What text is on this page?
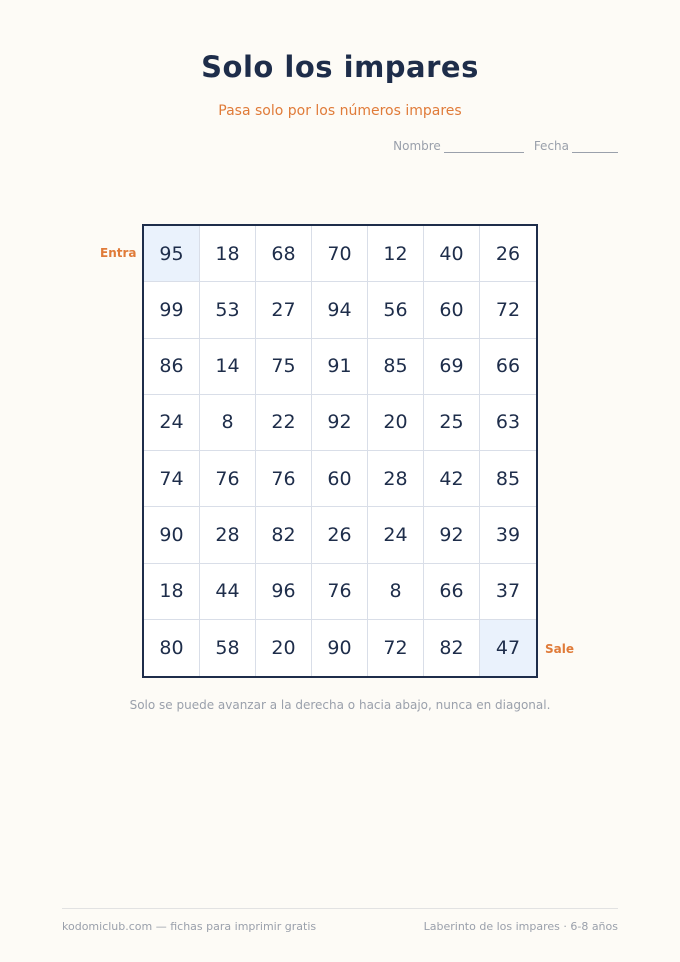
Solo los impares
Pasa solo por los números impares
Nombre	Fecha
Entra
Sale
95	18	68	70	12	40	26
99	53	27	94	56	60	72
86	14	75	91	85	69	66
24	8	22	92	20	25	63
74	76	76	60	28	42	85
90	28	82	26	24	92	39
18	44	96	76	8	66	37
80	58	20	90	72	82	47
Solo se puede avanzar a la derecha o hacia abajo, nunca en diagonal.
kodomiclub.com — fichas para imprimir gratis	Laberinto de los impares · 6-8 años
